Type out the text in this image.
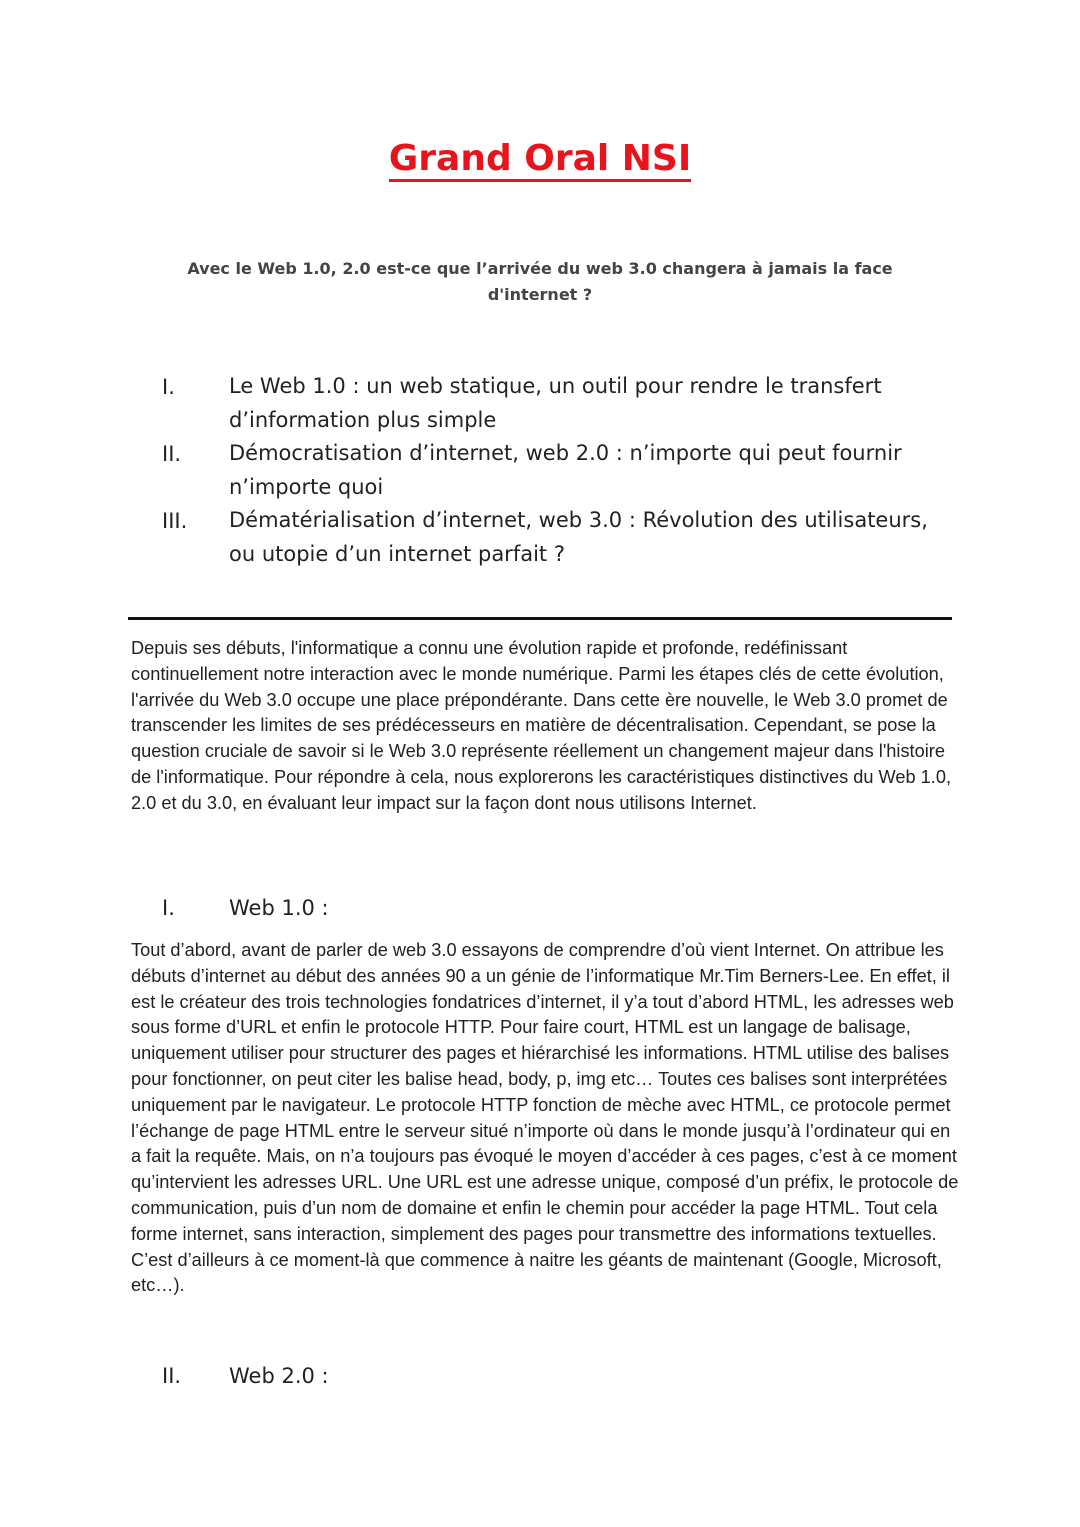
Grand Oral NSI
Avec le Web 1.0, 2.0 est-ce que l’arrivée du web 3.0 changera à jamais la face d'internet ?
I.	Le Web 1.0 : un web statique, un outil pour rendre le transfert d’information plus simple
II. Démocratisation d’internet, web 2.0 : n’importe qui peut fournir n’importe quoi
III. Dématérialisation d’internet, web 3.0 : Révolution des utilisateurs, ou utopie d’un internet parfait ?
Depuis ses débuts, l'informatique a connu une évolution rapide et profonde, redéfinissant continuellement notre interaction avec le monde numérique. Parmi les étapes clés de cette évolution, l'arrivée du Web 3.0 occupe une place prépondérante. Dans cette ère nouvelle, le Web 3.0 promet de transcender les limites de ses prédécesseurs en matière de décentralisation. Cependant, se pose la question cruciale de savoir si le Web 3.0 représente réellement un changement majeur dans l'histoire de l'informatique. Pour répondre à cela, nous explorerons les caractéristiques distinctives du Web 1.0, 2.0 et du 3.0, en évaluant leur impact sur la façon dont nous utilisons Internet.
I.	Web 1.0 :
Tout d’abord, avant de parler de web 3.0 essayons de comprendre d’où vient Internet. On attribue les débuts d’internet au début des années 90 a un génie de l’informatique Mr.Tim Berners-Lee. En effet, il est le créateur des trois technologies fondatrices d’internet, il y’a tout d’abord HTML, les adresses web sous forme d’URL et enfin le protocole HTTP. Pour faire court, HTML est un langage de balisage, uniquement utiliser pour structurer des pages et hiérarchisé les informations. HTML utilise des balises pour fonctionner, on peut citer les balise head, body, p, img etc… Toutes ces balises sont interprétées uniquement par le navigateur. Le protocole HTTP fonction de mèche avec HTML, ce protocole permet l’échange de page HTML entre le serveur situé n’importe où dans le monde jusqu’à l’ordinateur qui en a fait la requête. Mais, on n’a toujours pas évoqué le moyen d’accéder à ces pages, c’est à ce moment qu’intervient les adresses URL. Une URL est une adresse unique, composé d’un préfix, le protocole de communication, puis d’un nom de domaine et enfin le chemin pour accéder la page HTML. Tout cela forme internet, sans interaction, simplement des pages pour transmettre des informations textuelles. C’est d’ailleurs à ce moment-là que commence à naitre les géants de maintenant (Google, Microsoft, etc…).
II. Web 2.0 :
